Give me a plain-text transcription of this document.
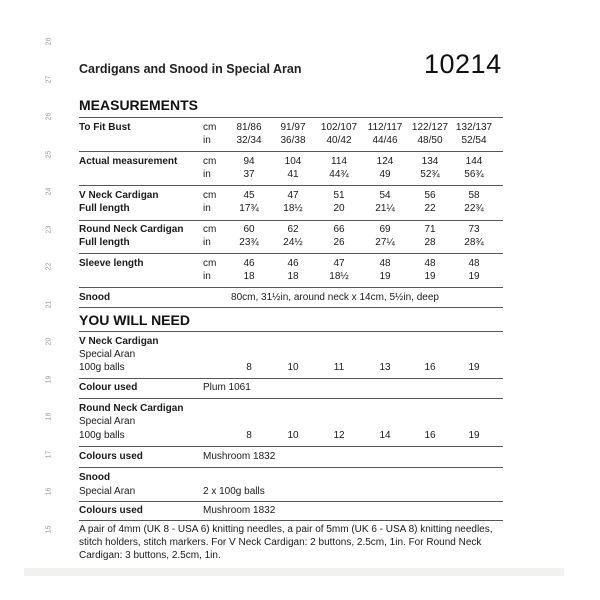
28
27
26
25
24
23
22
21
20
19
18
17
16
15
Cardigans and Snood in Special Aran	10214
MEASUREMENTS
To Fit Bust	cm	81/86	91/97	102/107 112/117 122/127 132/137
in	32/34	36/38	40/42	44/46	48/50	52/54
Actual measurement	cm	94	104	114	124	134	144
in	37	41	44¾	49	52¾	56¾
V Neck Cardigan	cm	45	47	51	54	56	58
Full length	in	17¾	18½	20	21¼	22	22¾
Round Neck Cardigan cm	60	62	66	69	71	73
Full length	in	23¾	24½	26	27¼	28	28¾
Sleeve length	cm	46	46	47	48	48	48
in	18	18	18½	19	19	19
Snood	80cm, 31½in, around neck x 14cm, 5½in, deep
YOU WILL NEED
V Neck Cardigan
Special Aran
100g balls	8	10	11	13	16	19
Colour used	Plum 1061
Round Neck Cardigan
Special Aran
100g balls	8	10	12	14	16	19
Colours used	Mushroom 1832
Snood
Special Aran	2 x 100g balls
Colours used	Mushroom 1832
A pair of 4mm (UK 8 - USA 6) knitting needles, a pair of 5mm (UK 6 - USA 8) knitting needles, stitch holders, stitch markers. For V Neck Cardigan: 2 buttons, 2.5cm, 1in. For Round Neck Cardigan: 3 buttons, 2.5cm, 1in.
